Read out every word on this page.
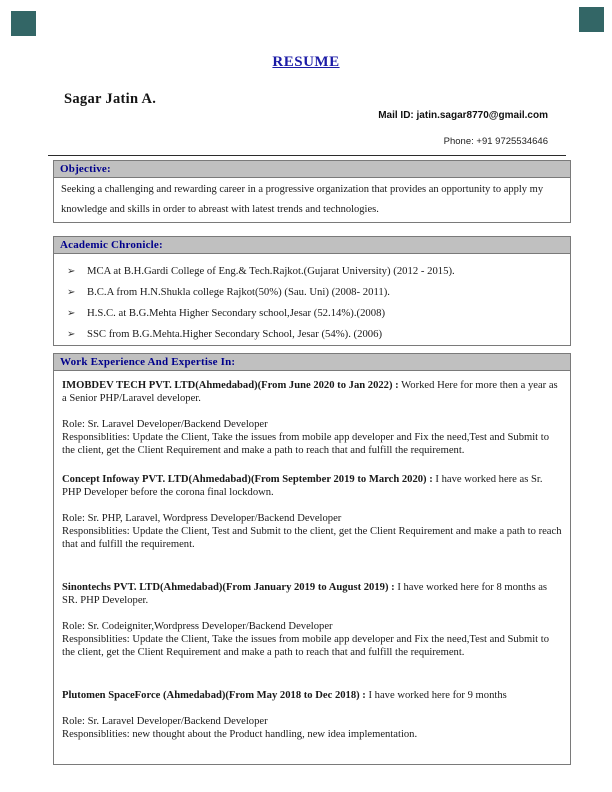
RESUME
Sagar Jatin A.
Mail ID: jatin.sagar8770@gmail.com
Phone: +91 9725534646
Objective:
Seeking a challenging and rewarding career in a progressive organization that provides an opportunity to apply my knowledge and skills in order to abreast with latest trends and technologies.
Academic Chronicle:
➢	MCA at B.H.Gardi College of Eng.& Tech.Rajkot.(Gujarat University) (2012 - 2015).
➢	B.C.A from H.N.Shukla college Rajkot(50%) (Sau. Uni) (2008- 2011).
➢	H.S.C. at B.G.Mehta Higher Secondary school,Jesar (52.14%).(2008)
➢	SSC from B.G.Mehta.Higher Secondary School, Jesar (54%). (2006)
Work Experience And Expertise In:

IMOBDEV TECH PVT. LTD(Ahmedabad)(From June 2020 to Jan 2022) : Worked Here for more then a year as a Senior PHP/Laravel developer.

Role: Sr. Laravel Developer/Backend Developer

Responsiblities: Update the Client, Take the issues from mobile app developer and Fix the need,Test and Submit to the client, get the Client Requirement and make a path to reach that and fulfill the requirement.

Concept Infoway PVT. LTD(Ahmedabad)(From September 2019 to March 2020) : I have worked here as Sr. PHP Developer before the corona final lockdown.

Role: Sr. PHP, Laravel, Wordpress Developer/Backend Developer

Responsiblities: Update the Client, Test and Submit to the client, get the Client Requirement and make a path to reach that and fulfill the requirement.

Sinontechs PVT. LTD(Ahmedabad)(From January 2019 to August 2019) : I have worked here for 8 months as SR. PHP Developer.

Role: Sr. Codeigniter,Wordpress Developer/Backend Developer

Responsiblities: Update the Client, Take the issues from mobile app developer and Fix the need,Test and Submit to the client, get the Client Requirement and make a path to reach that and fulfill the requirement.

Plutomen SpaceForce (Ahmedabad)(From May 2018 to Dec 2018) : I have worked here for 9 months

Role: Sr. Laravel Developer/Backend Developer

Responsiblities: new thought about the Product handling, new idea implementation.
